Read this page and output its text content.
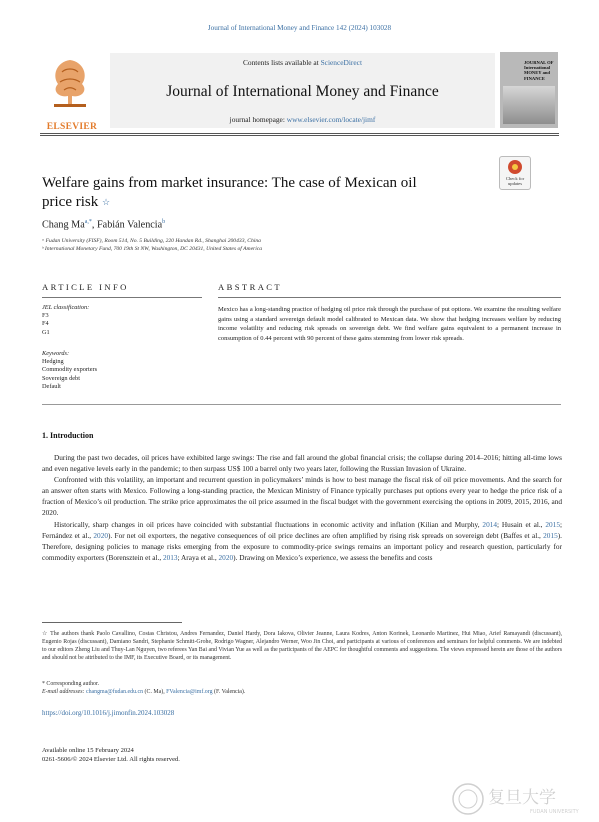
Journal of International Money and Finance 142 (2024) 103028
ELSEVIER
Contents lists available at ScienceDirect
Journal of International Money and Finance
journal homepage: www.elsevier.com/locate/jimf
JOURNAL OF International MONEY and FINANCE
Welfare gains from market insurance: The case of Mexican oil
price risk ☆
Check for updates
Chang $Ma^{a,*}$, Fabián Valencia$^b$
ᵃ Fudan University (FISF), Room 514, No. 5 Building, 220 Handan Rd., Shanghai 200433, China
ᵇ International Monetary Fund, 700 19th St NW, Washington, DC 20431, United States of America
ARTICLE INFO	ABSTRACT
JEL classification:
F3
F4
G1
Keywords:
Hedging
Commodity exporters
Sovereign debt
Default
Mexico has a long-standing practice of hedging oil price risk through the purchase of put options. We examine the resulting welfare gains using a standard sovereign default model calibrated to Mexican data. We show that hedging increases welfare by reducing income volatility and reducing risk spreads on sovereign debt. We find welfare gains equivalent to a permanent increase in consumption of 0.44 percent with 90 percent of these gains stemming from lower risk spreads.
1. Introduction

During the past two decades, oil prices have exhibited large swings: The rise and fall around the global financial crisis; the collapse during 2014–2016; hitting all-time lows and even negative levels early in the pandemic; to then surpass US$ 100 a barrel only two years later, following the Russian Invasion of Ukraine.

Confronted with this volatility, an important and recurrent question in policymakers’ minds is how to best manage the fiscal risk of oil price movements. And the search for an answer often starts with Mexico. Following a long-standing practice, the Mexican Ministry of Finance typically purchases put options every year to hedge the price risk of a fraction of Mexico’s oil production. The strike price approximates the oil price assumed in the fiscal budget with the government exercising the options in 2009, 2015, 2016, and 2020.

Historically, sharp changes in oil prices have coincided with substantial fluctuations in economic activity and inflation (Kilian and Murphy, 2014; Husain et al., 2015; Fernández et al., 2020). For net oil exporters, the negative consequences of oil price declines are often amplified by rising risk spreads on sovereign debt (Baffes et al., 2015). Therefore, designing policies to manage risks emerging from the exposure to commodity-price swings remains an important policy and research question, particularly for commodity exporters (Borensztein et al., 2013; Araya et al., 2020). Drawing on Mexico’s experience, we assess the benefits and costs

☆ The authors thank Paolo Cavallino, Costas Christou, Andres Fernandez, Daniel Hardy, Dora Iakova, Olivier Jeanne, Laura Kodres, Anton Korinek, Leonardo Martinez, Hui Miao, Arief Ramayandi (discussant), Eugenio Rojas (discussant), Damiano Sandri, Stephanie Schmitt-Grohe, Rodrigo Wagner, Alejandro Werner, Woo Jin Choi, and participants at various of conferences and seminars for helpful comments. We are indebted to our editors Zheng Liu and Thuy-Lan Nguyen, two referees Yan Bai and Vivian Yue as well as the participants of the AEPC for thoughtful comments and suggestions. The views expressed herein are those of the authors and should not be attributed to the IMF, its Executive Board, or its management.
* Corresponding author.
E-mail addresses: changma@fudan.edu.cn (C. Ma), FValencia@imf.org (F. Valencia).
https://doi.org/10.1016/j.jimonfin.2024.103028
Available online 15 February 2024
0261-5606/© 2024 Elsevier Ltd. All rights reserved.
复旦大学
FUDAN UNIVERSITY
